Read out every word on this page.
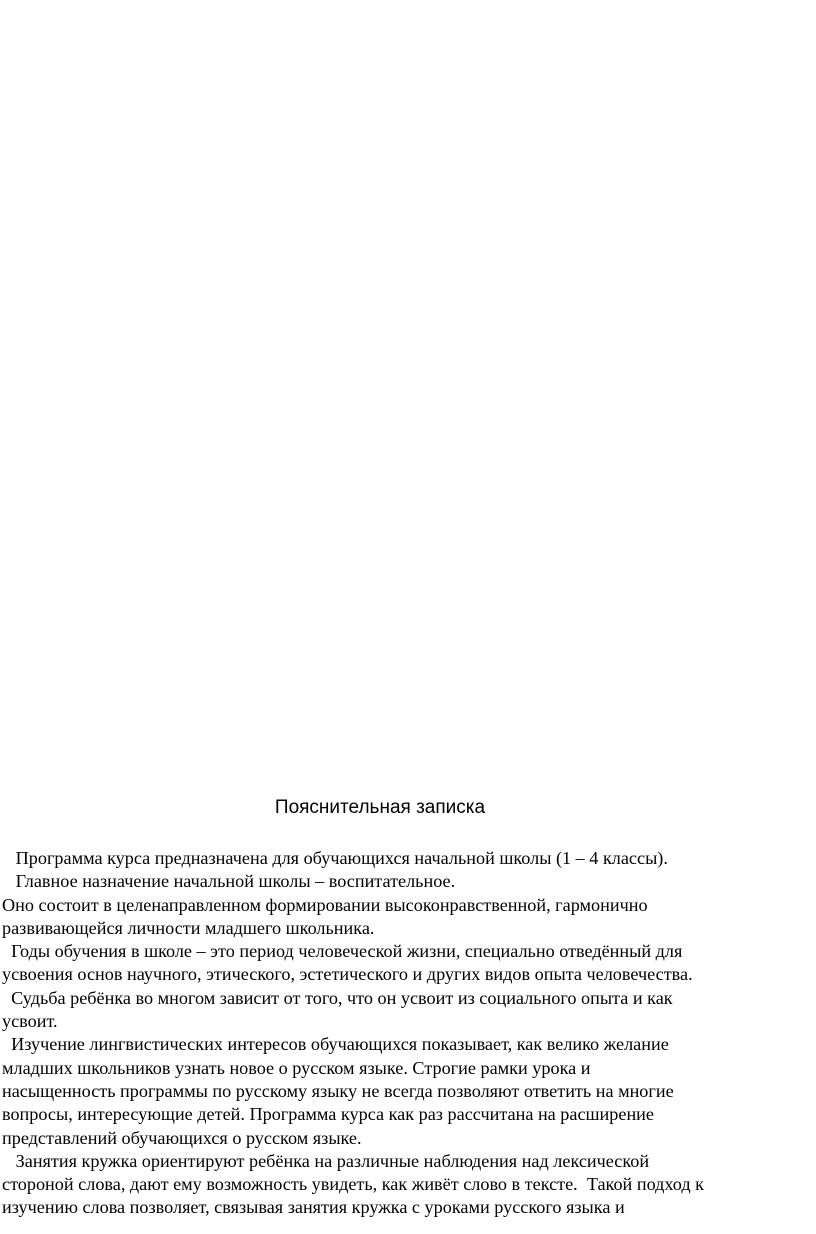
Пояснительная записка
Программа курса предназначена для обучающихся начальной школы (1 – 4 классы).
Главное назначение начальной школы – воспитательное.
Оно состоит в целенаправленном формировании высоконравственной, гармонично
развивающейся личности младшего школьника.
Годы обучения в школе – это период человеческой жизни, специально отведённый для
усвоения основ научного, этического, эстетического и других видов опыта человечества.
Судьба ребёнка во многом зависит от того, что он усвоит из социального опыта и как
усвоит.
Изучение лингвистических интересов обучающихся показывает, как велико желание
младших школьников узнать новое о русском языке. Строгие рамки урока и
насыщенность программы по русскому языку не всегда позволяют ответить на многие
вопросы, интересующие детей. Программа курса как раз рассчитана на расширение
представлений обучающихся о русском языке.
Занятия кружка ориентируют ребёнка на различные наблюдения над лексической
стороной слова, дают ему возможность увидеть, как живёт слово в тексте.  Такой подход к
изучению слова позволяет, связывая занятия кружка с уроками русского языка и
